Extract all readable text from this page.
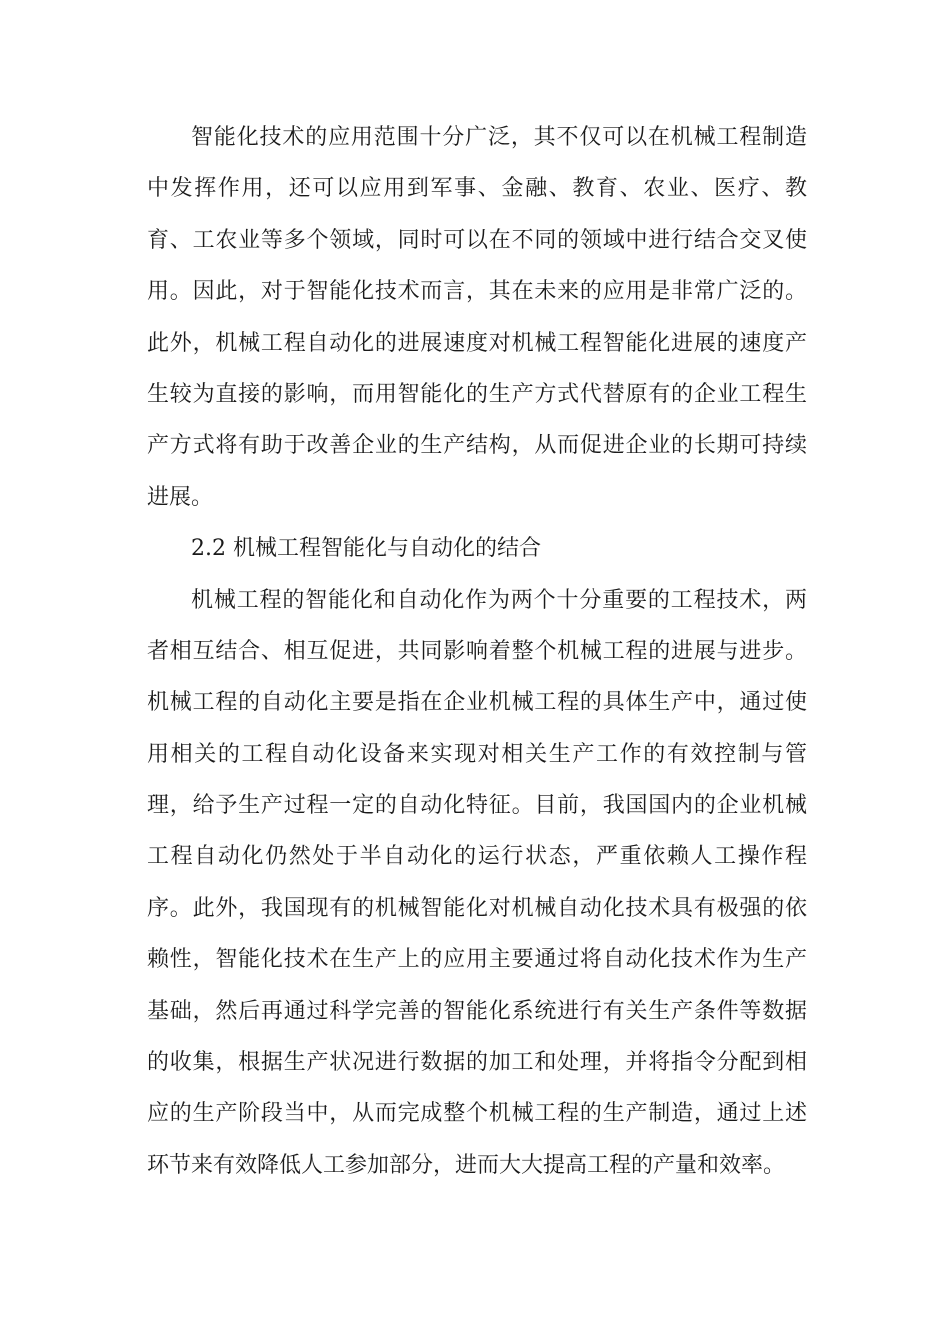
智能化技术的应用范围十分广泛，其不仅可以在机械工程制造
中发挥作用，还可以应用到军事、金融、教育、农业、医疗、教
育、工农业等多个领域，同时可以在不同的领域中进行结合交叉使
用。因此，对于智能化技术而言，其在未来的应用是非常广泛的。
此外，机械工程自动化的进展速度对机械工程智能化进展的速度产
生较为直接的影响，而用智能化的生产方式代替原有的企业工程生
产方式将有助于改善企业的生产结构，从而促进企业的长期可持续
进展。
2.2 机械工程智能化与自动化的结合
机械工程的智能化和自动化作为两个十分重要的工程技术，两
者相互结合、相互促进，共同影响着整个机械工程的进展与进步。
机械工程的自动化主要是指在企业机械工程的具体生产中，通过使
用相关的工程自动化设备来实现对相关生产工作的有效控制与管
理，给予生产过程一定的自动化特征。目前，我国国内的企业机械
工程自动化仍然处于半自动化的运行状态，严重依赖人工操作程
序。此外，我国现有的机械智能化对机械自动化技术具有极强的依
赖性，智能化技术在生产上的应用主要通过将自动化技术作为生产
基础，然后再通过科学完善的智能化系统进行有关生产条件等数据
的收集，根据生产状况进行数据的加工和处理，并将指令分配到相
应的生产阶段当中，从而完成整个机械工程的生产制造，通过上述
环节来有效降低人工参加部分，进而大大提高工程的产量和效率。
